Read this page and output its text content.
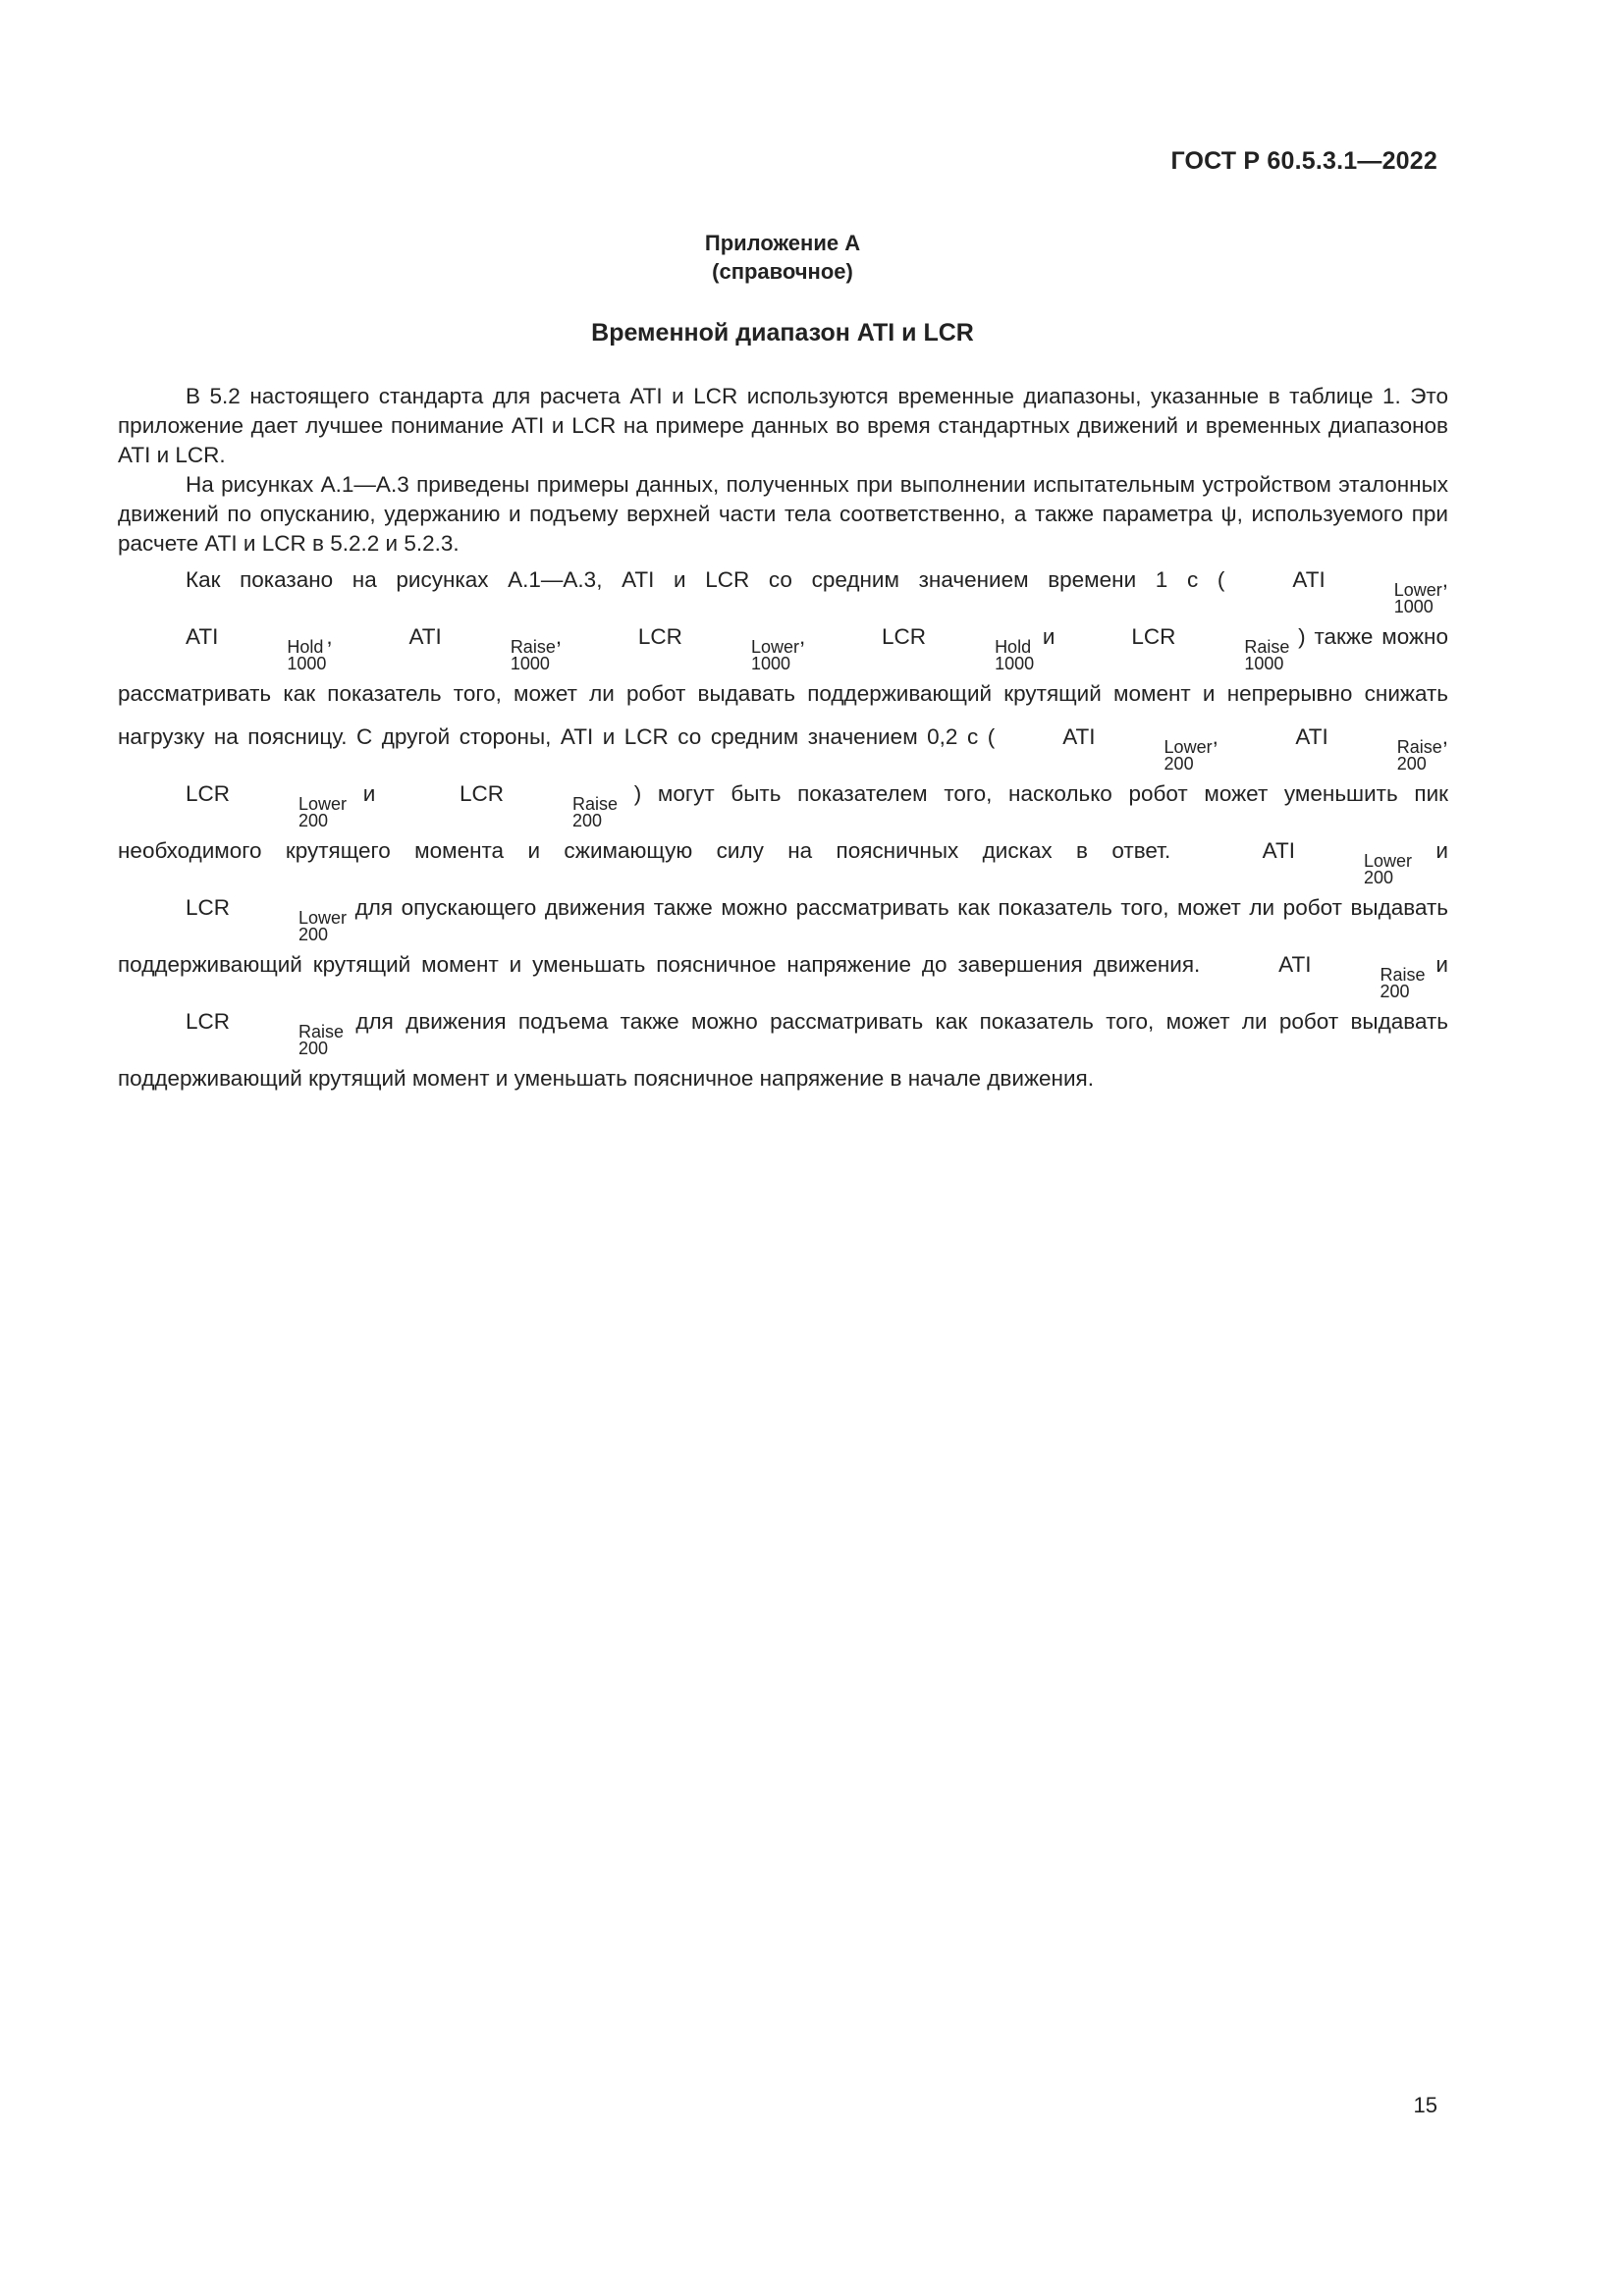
ГОСТ Р 60.5.3.1—2022
Приложение А
(справочное)
Временной диапазон ATI и LCR

В 5.2 настоящего стандарта для расчета ATI и LCR используются временные диапазоны, указанные в таблице 1. Это приложение дает лучшее понимание ATI и LCR на примере данных во время стандартных движений и временных диапазонов ATI и LCR.

На рисунках А.1—А.3 приведены примеры данных, полученных при выполнении испытательным устройством эталонных движений по опусканию, удержанию и подъему верхней части тела соответственно, а также параметра ψ, используемого при расчете ATI и LCR в 5.2.2 и 5.2.3.

Как показано на рисунках А.1—А.3, ATI и LCR со средним значением времени 1 с (	ATI	Lower
1000
, ATI	Hold
1000
,	ATI	Raise
1000
,	LCR	Lower
1000
,	LCR	Hold
1000
и	LCR	Raise
1000
) также можно рассматривать как показатель того, может ли робот выдавать поддерживающий крутящий момент и непрерывно снижать нагрузку на поясницу. С другой стороны, ATI и LCR со средним значением 0,2 с (	ATI	Lower
200
,	ATI	Raise
200
, LCR	Lower
200
и	LCR	Raise
200
) могут быть показателем того, насколько робот может уменьшить пик необходимого крутящего момента и сжимающую силу на поясничных дисках в ответ.	ATI	Lower
200
и LCR	Lower
200
для опускающего движения также можно рассматривать как показатель того, может ли робот выдавать поддерживающий крутящий момент и уменьшать поясничное напряжение до завершения движения.	ATI	Raise
200
и LCR	Raise
200
для движения подъема также можно рассматривать как показатель того, может ли робот выдавать поддерживающий крутящий момент и уменьшать поясничное напряжение в начале движения.

15
